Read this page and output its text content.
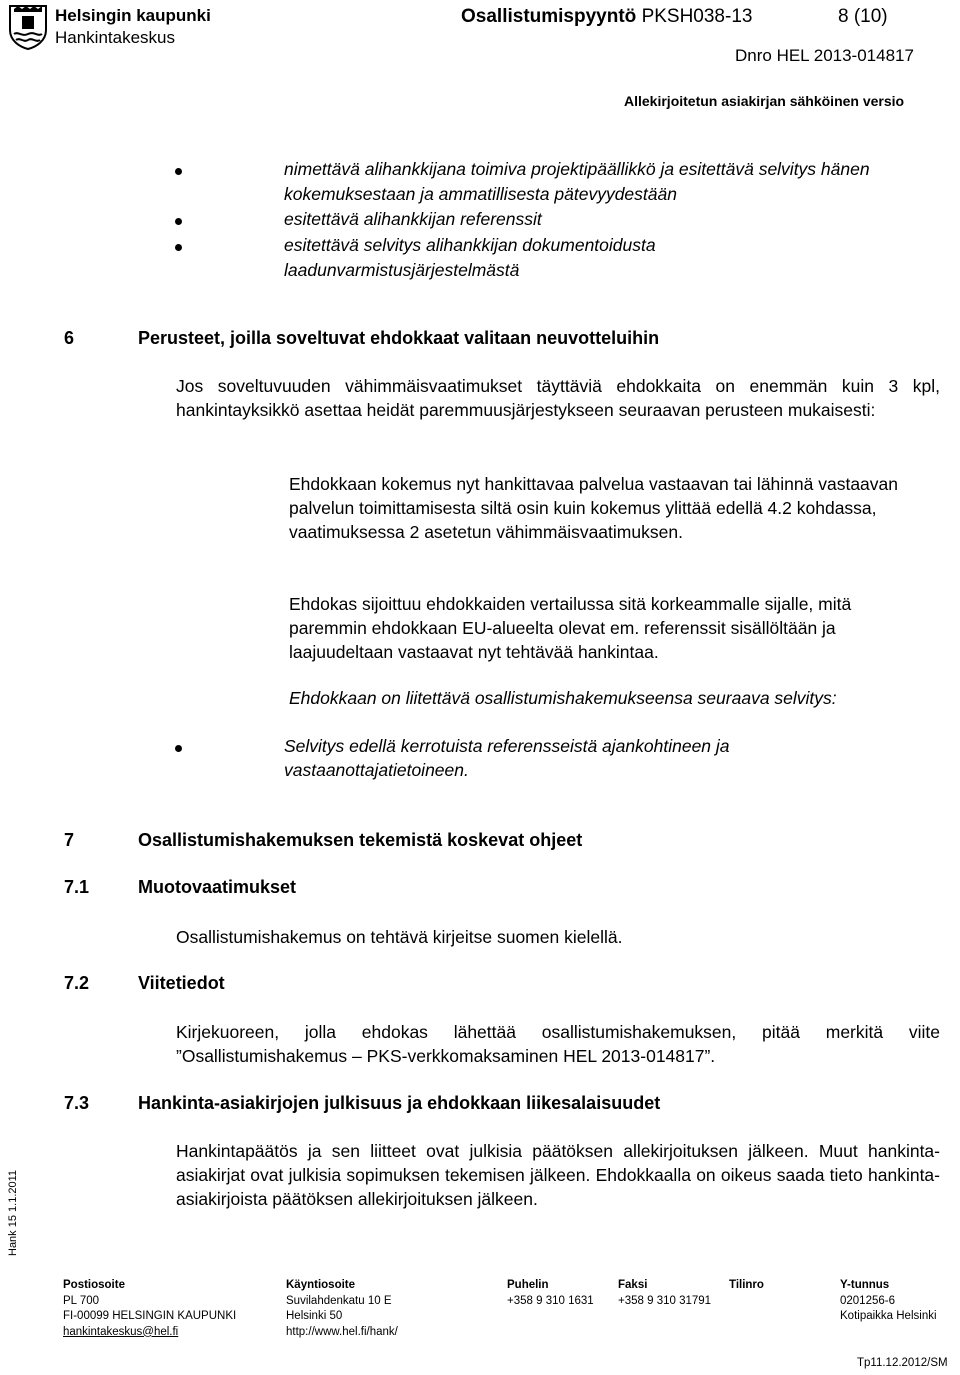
Helsingin kaupunki
Hankintakeskus
Osallistumispyyntö PKSH038-13	8 (10)
Dnro HEL 2013-014817
Allekirjoitetun asiakirjan sähköinen versio
nimettävä alihankkijana toimiva projektipäällikkö ja esitettävä selvitys hänen kokemuksestaan ja ammatillisesta pätevyydestään
esitettävä alihankkijan referenssit
esitettävä selvitys alihankkijan dokumentoidusta laadunvarmistusjärjestelmästä
6	Perusteet, joilla soveltuvat ehdokkaat valitaan neuvotteluihin
Jos soveltuvuuden vähimmäisvaatimukset täyttäviä ehdokkaita on enemmän kuin 3 kpl, hankintayksikkö asettaa heidät paremmuusjärjestykseen seuraavan perusteen mukaisesti:
Ehdokkaan kokemus nyt hankittavaa palvelua vastaavan tai lähinnä vastaavan palvelun toimittamisesta siltä osin kuin kokemus ylittää edellä 4.2 kohdassa, vaatimuksessa 2 asetetun vähimmäisvaatimuksen.
Ehdokas sijoittuu ehdokkaiden vertailussa sitä korkeammalle sijalle, mitä paremmin ehdokkaan EU-alueelta olevat em. referenssit sisällöltään ja laajuudeltaan vastaavat nyt tehtävää hankintaa.
Ehdokkaan on liitettävä osallistumishakemukseensa seuraava selvitys:
Selvitys edellä kerrotuista referensseistä ajankohtineen ja vastaanottajatietoineen.
7	Osallistumishakemuksen tekemistä koskevat ohjeet
7.1	Muotovaatimukset
Osallistumishakemus on tehtävä kirjeitse suomen kielellä.
7.2	Viitetiedot
Kirjekuoreen, jolla ehdokas lähettää osallistumishakemuksen, pitää merkitä viite
”Osallistumishakemus – PKS-verkkomaksaminen HEL 2013-014817”.
7.3	Hankinta-asiakirjojen julkisuus ja ehdokkaan liikesalaisuudet
Hankintapäätös ja sen liitteet ovat julkisia päätöksen allekirjoituksen jälkeen. Muut hankinta-asiakirjat ovat julkisia sopimuksen tekemisen jälkeen. Ehdokkaalla on oikeus saada tieto hankinta-asiakirjoista päätöksen allekirjoituksen jälkeen.
Hank 15 1.1.2011
Postiosoite
PL 700
FI-00099 HELSINGIN KAUPUNKI
hankintakeskus@hel.fi
Käyntiosoite
Suvilahdenkatu 10 E
Helsinki 50
http://www.hel.fi/hank/
Puhelin
+358 9 310 1631
Faksi
+358 9 310 31791
Tilinro	Y-tunnus
0201256-6
Kotipaikka Helsinki
Tp11.12.2012/SM
